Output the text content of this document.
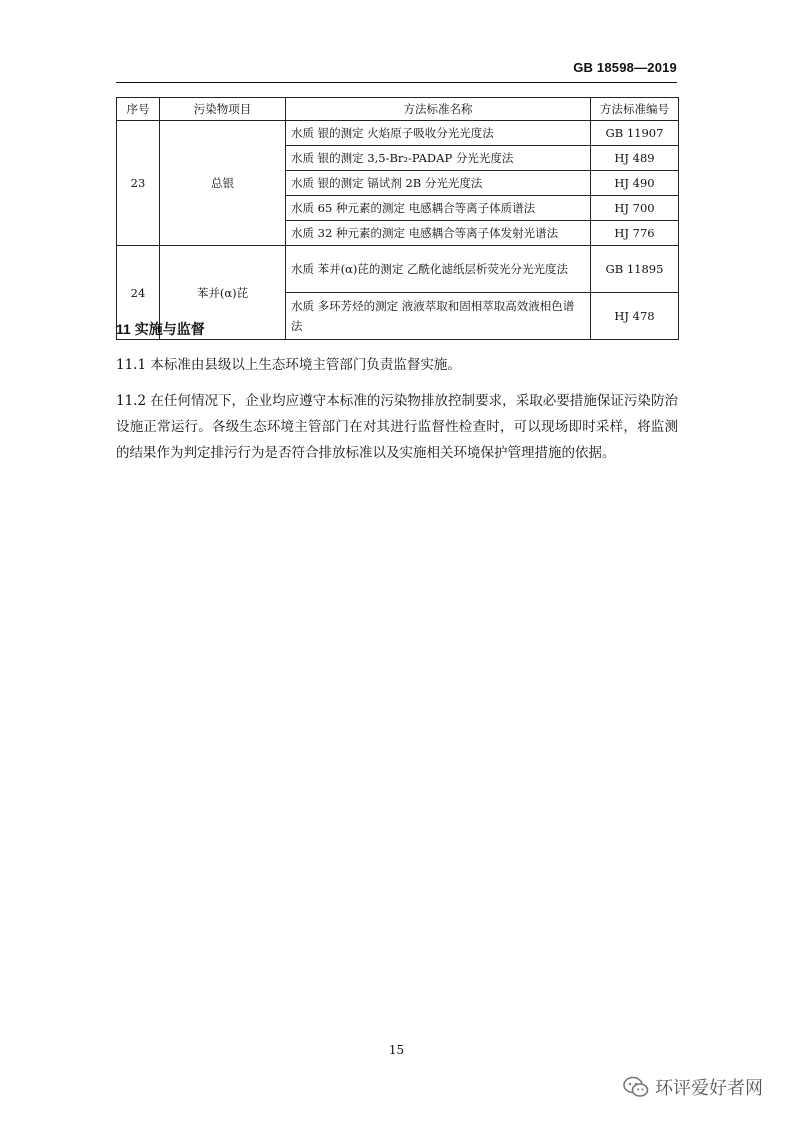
GB 18598—2019
序号	污染物项目	方法标准名称	方法标准编号
23	总银	水质 银的测定 火焰原子吸收分光光度法	GB 11907
		水质 银的测定 3,5-Br₂-PADAP 分光光度法	HJ 489
		水质 银的测定 镉试剂 2B 分光光度法	HJ 490
		水质 65 种元素的测定 电感耦合等离子体质谱法	HJ 700
		水质 32 种元素的测定 电感耦合等离子体发射光谱法	HJ 776
24	苯并(α)芘	水质 苯并(α)芘的测定 乙酰化滤纸层析荧光分光光度法	GB 11895
		水质 多环芳烃的测定 液液萃取和固相萃取高效液相色谱法	HJ 478
11 实施与监督

11.1 本标准由县级以上生态环境主管部门负责监督实施。

11.2 在任何情况下，企业均应遵守本标准的污染物排放控制要求，采取必要措施保证污染防治设施正常运行。各级生态环境主管部门在对其进行监督性检查时，可以现场即时采样，将监测的结果作为判定排污行为是否符合排放标准以及实施相关环境保护管理措施的依据。

15
环评爱好者网
